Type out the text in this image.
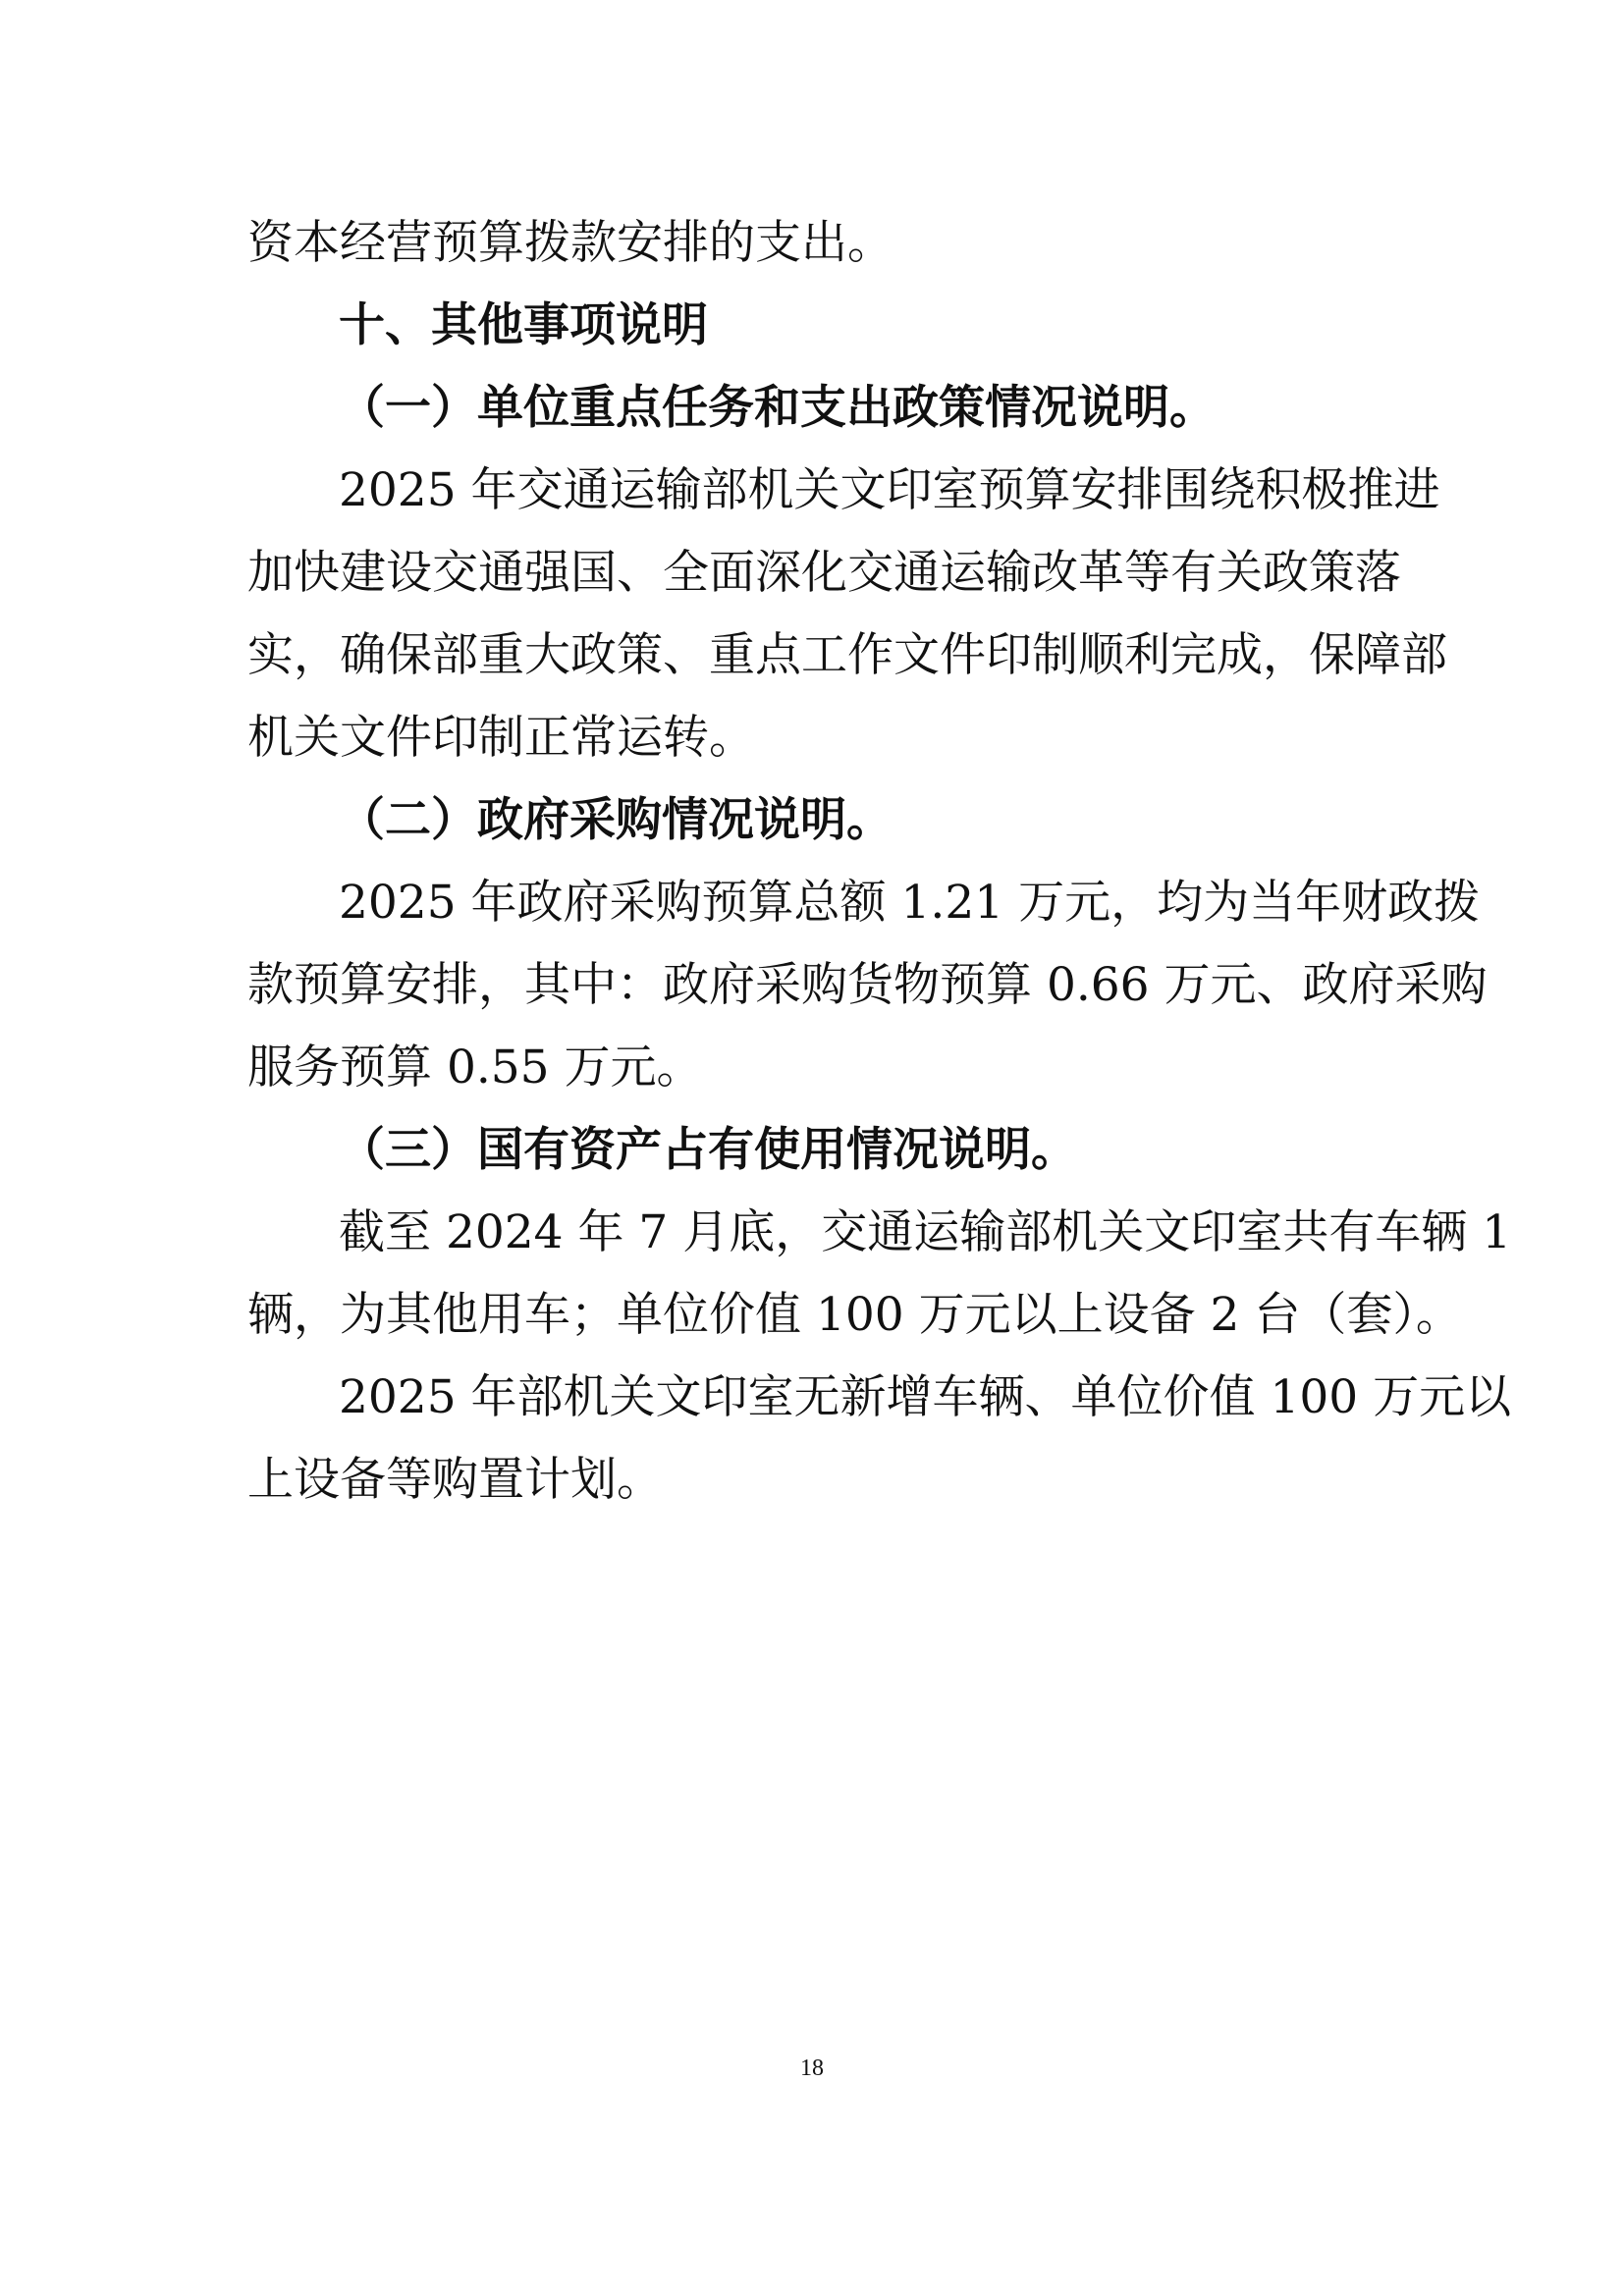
资本经营预算拨款安排的支出。
十、其他事项说明
（一）单位重点任务和支出政策情况说明。
2025 年交通运输部机关文印室预算安排围绕积极推进
加快建设交通强国、全面深化交通运输改革等有关政策落
实，确保部重大政策、重点工作文件印制顺利完成，保障部
机关文件印制正常运转。
（二）政府采购情况说明。
2025 年政府采购预算总额 1.21 万元，均为当年财政拨
款预算安排，其中：政府采购货物预算 0.66 万元、政府采购
服务预算 0.55 万元。
（三）国有资产占有使用情况说明。
截至 2024 年 7 月底，交通运输部机关文印室共有车辆 1
辆，为其他用车；单位价值 100 万元以上设备 2 台（套）。
2025 年部机关文印室无新增车辆、单位价值 100 万元以
上设备等购置计划。
18
